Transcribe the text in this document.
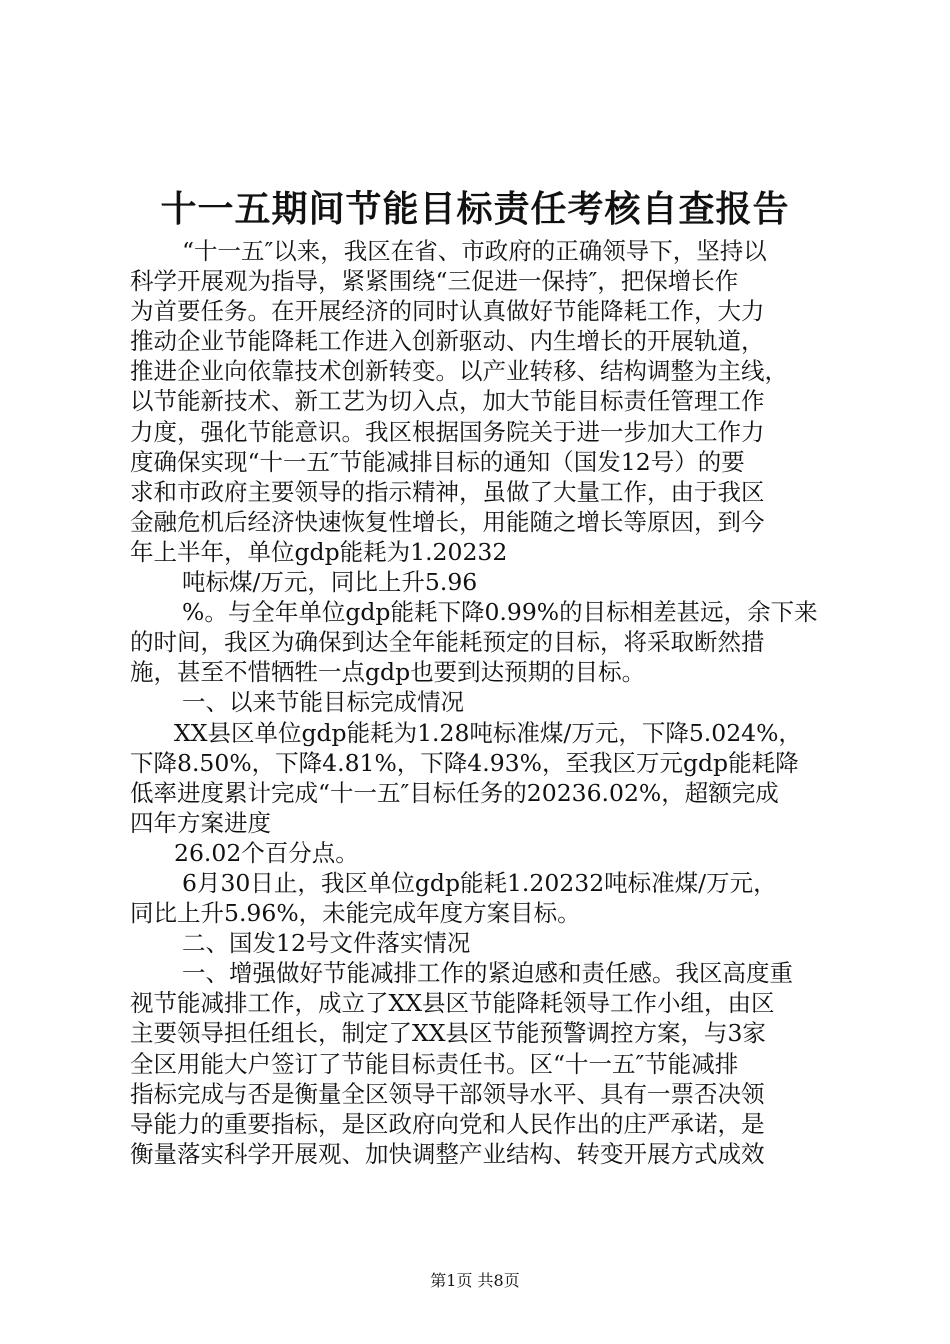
十一五期间节能目标责任考核自查报告
“十一五″以来，我区在省、市政府的正确领导下，坚持以
科学开展观为指导，紧紧围绕“三促进一保持″，把保增长作
为首要任务。在开展经济的同时认真做好节能降耗工作，大力
推动企业节能降耗工作进入创新驱动、内生增长的开展轨道，
推进企业向依靠技术创新转变。以产业转移、结构调整为主线，
以节能新技术、新工艺为切入点，加大节能目标责任管理工作
力度，强化节能意识。我区根据国务院关于进一步加大工作力
度确保实现“十一五″节能减排目标的通知（国发12号）的要
求和市政府主要领导的指示精神，虽做了大量工作，由于我区
金融危机后经济快速恢复性增长，用能随之增长等原因，到今
年上半年，单位gdp能耗为1.20232
吨标煤/万元，同比上升5.96
%。与全年单位gdp能耗下降0.99%的目标相差甚远，余下来
的时间，我区为确保到达全年能耗预定的目标，将采取断然措
施，甚至不惜牺牲一点gdp也要到达预期的目标。
一、以来节能目标完成情况
XX县区单位gdp能耗为1.28吨标准煤/万元，下降5.024%，
下降8.50%，下降4.81%，下降4.93%，至我区万元gdp能耗降
低率进度累计完成“十一五″目标任务的20236.02%，超额完成
四年方案进度
26.02个百分点。
6月30日止，我区单位gdp能耗1.20232吨标准煤/万元，
同比上升5.96%，未能完成年度方案目标。
二、国发12号文件落实情况
一、增强做好节能减排工作的紧迫感和责任感。我区高度重
视节能减排工作，成立了XX县区节能降耗领导工作小组，由区
主要领导担任组长，制定了XX县区节能预警调控方案，与3家
全区用能大户签订了节能目标责任书。区“十一五″节能减排
指标完成与否是衡量全区领导干部领导水平、具有一票否决领
导能力的重要指标，是区政府向党和人民作出的庄严承诺，是
衡量落实科学开展观、加快调整产业结构、转变开展方式成效
第1页 共8页
